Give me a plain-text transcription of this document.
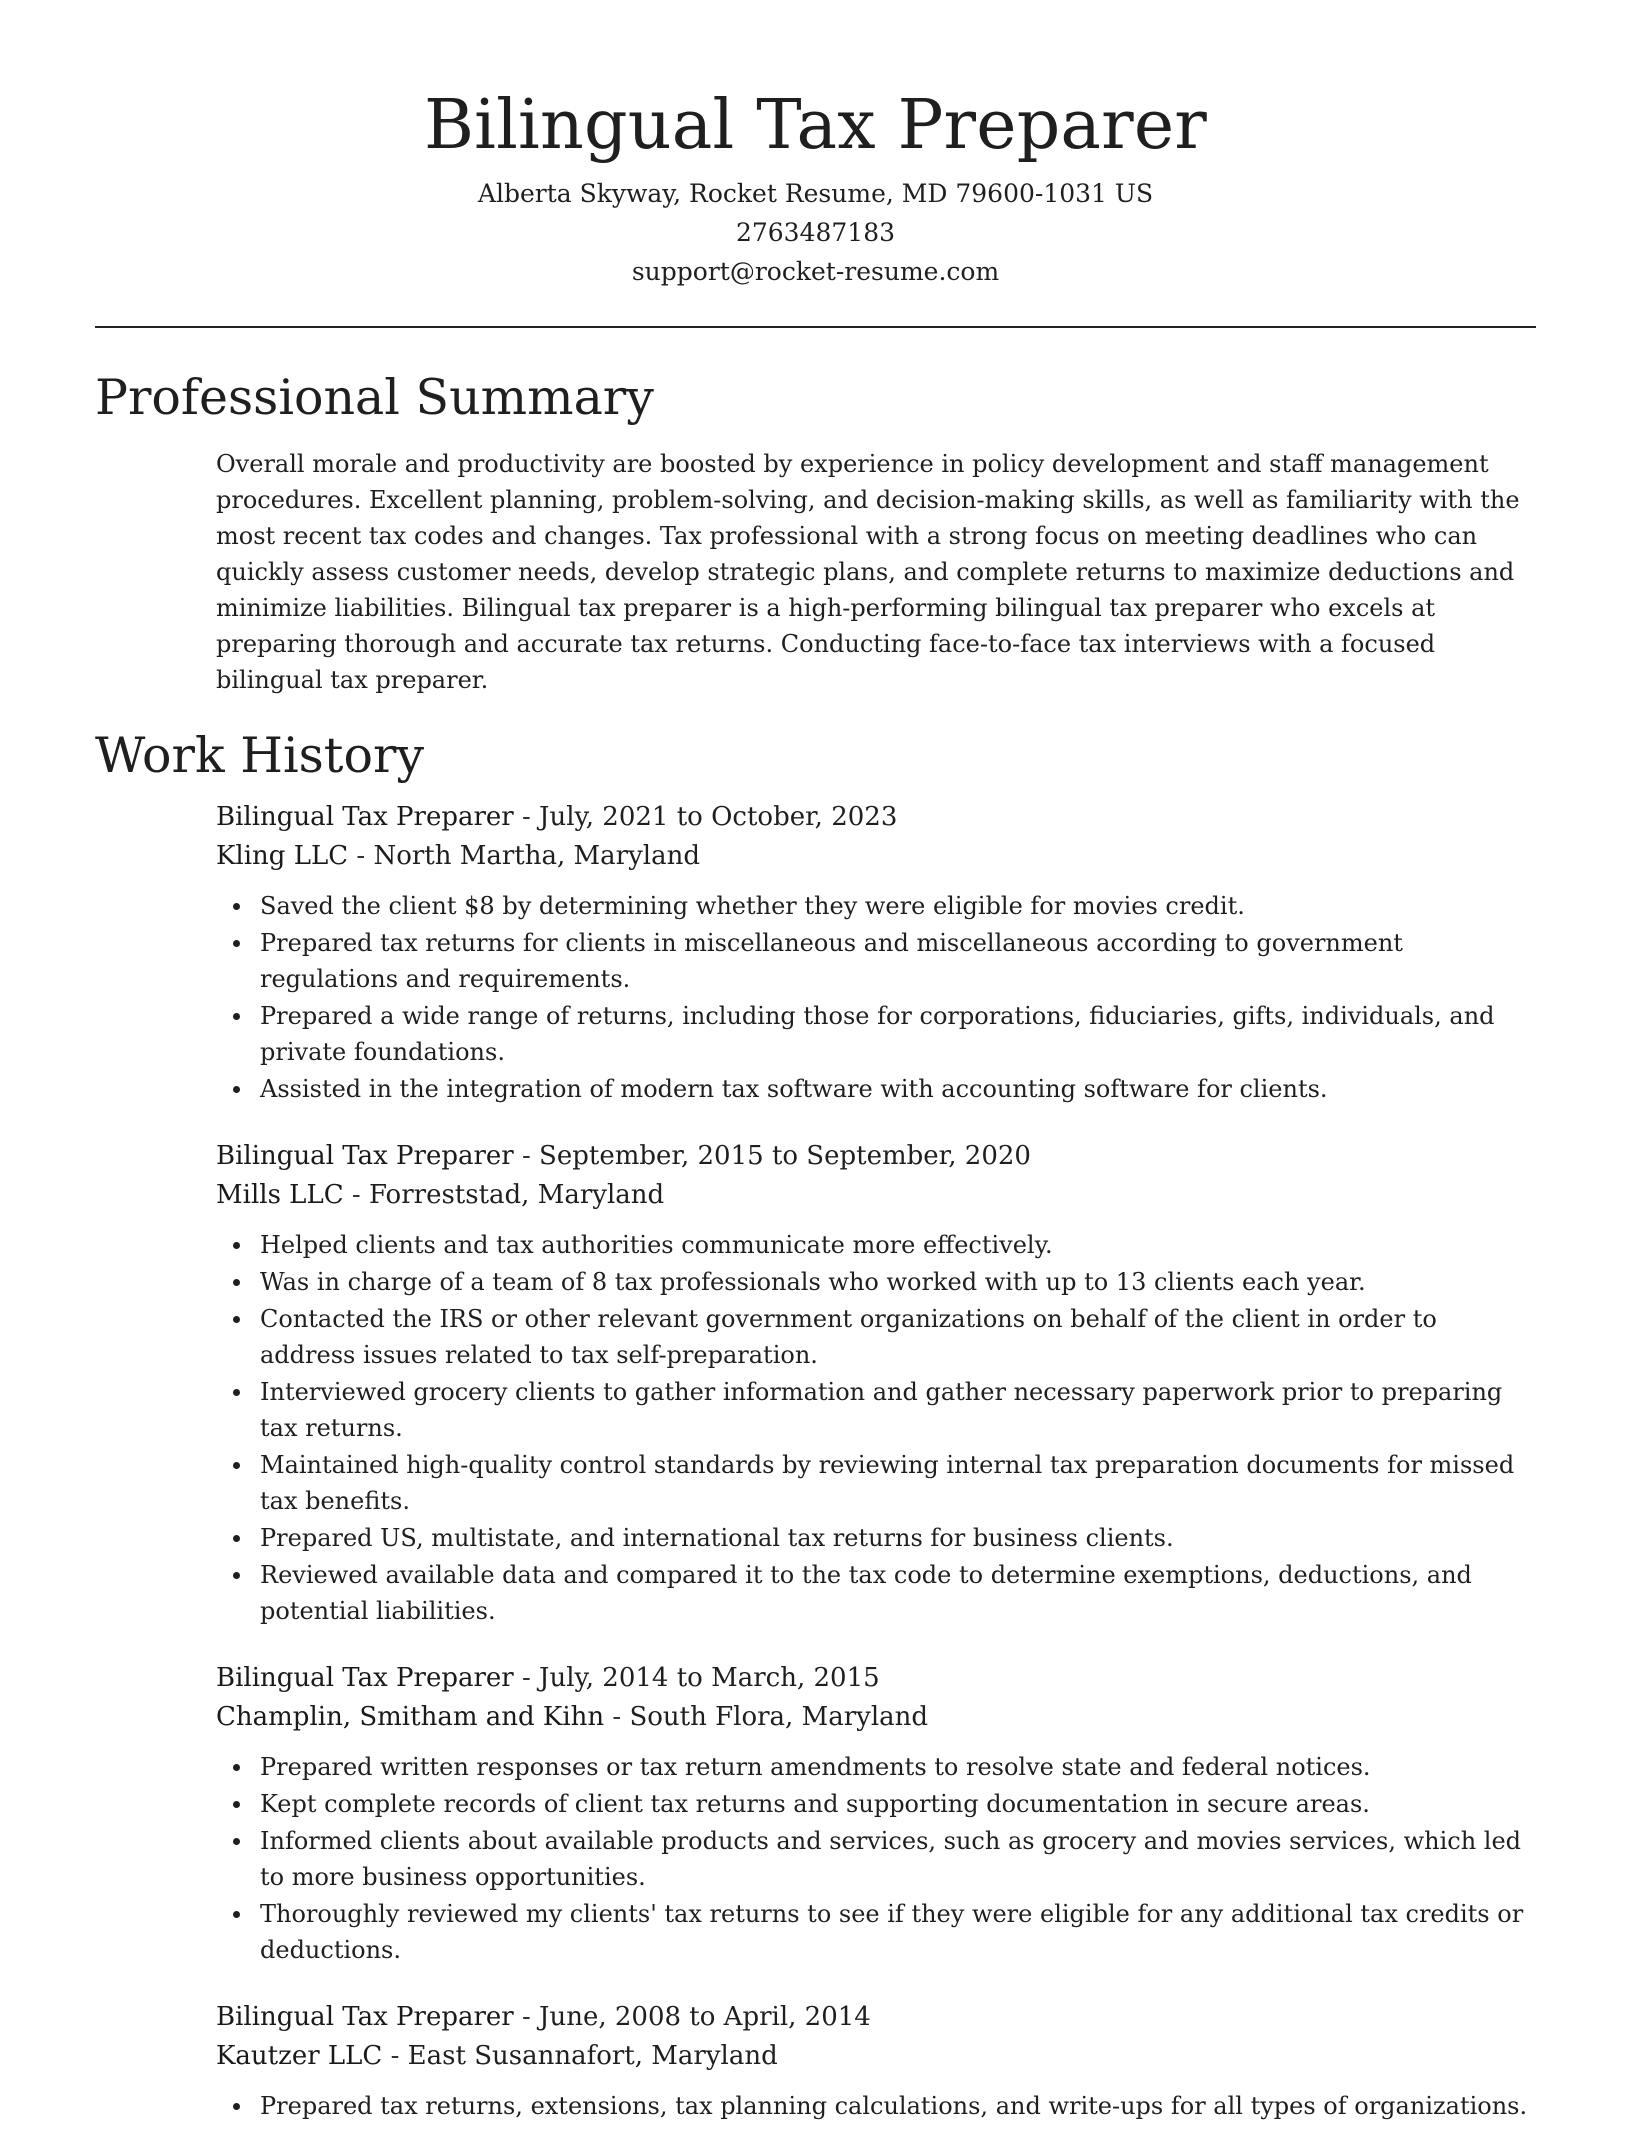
Bilingual Tax Preparer
Alberta Skyway, Rocket Resume, MD 79600-1031 US
2763487183
support@rocket-resume.com
Professional Summary

Overall morale and productivity are boosted by experience in policy development and staff management procedures. Excellent planning, problem-solving, and decision-making skills, as well as familiarity with the most recent tax codes and changes. Tax professional with a strong focus on meeting deadlines who can quickly assess customer needs, develop strategic plans, and complete returns to maximize deductions and minimize liabilities. Bilingual tax preparer is a high-performing bilingual tax preparer who excels at preparing thorough and accurate tax returns. Conducting face-to-face tax interviews with a focused bilingual tax preparer.

Work History
Bilingual Tax Preparer - July, 2021 to October, 2023
Kling LLC - North Martha, Maryland
Saved the client $8 by determining whether they were eligible for movies credit.
Prepared tax returns for clients in miscellaneous and miscellaneous according to government regulations and requirements.
Prepared a wide range of returns, including those for corporations, fiduciaries, gifts, individuals, and private foundations.
Assisted in the integration of modern tax software with accounting software for clients.
Bilingual Tax Preparer - September, 2015 to September, 2020
Mills LLC - Forreststad, Maryland
Helped clients and tax authorities communicate more effectively.
Was in charge of a team of 8 tax professionals who worked with up to 13 clients each year.
Contacted the IRS or other relevant government organizations on behalf of the client in order to address issues related to tax self-preparation.
Interviewed grocery clients to gather information and gather necessary paperwork prior to preparing tax returns.
Maintained high-quality control standards by reviewing internal tax preparation documents for missed tax benefits.
Prepared US, multistate, and international tax returns for business clients.
Reviewed available data and compared it to the tax code to determine exemptions, deductions, and potential liabilities.
Bilingual Tax Preparer - July, 2014 to March, 2015
Champlin, Smitham and Kihn - South Flora, Maryland
Prepared written responses or tax return amendments to resolve state and federal notices.
Kept complete records of client tax returns and supporting documentation in secure areas.
Informed clients about available products and services, such as grocery and movies services, which led to more business opportunities.
Thoroughly reviewed my clients' tax returns to see if they were eligible for any additional tax credits or deductions.
Bilingual Tax Preparer - June, 2008 to April, 2014
Kautzer LLC - East Susannafort, Maryland
Prepared tax returns, extensions, tax planning calculations, and write-ups for all types of organizations.
